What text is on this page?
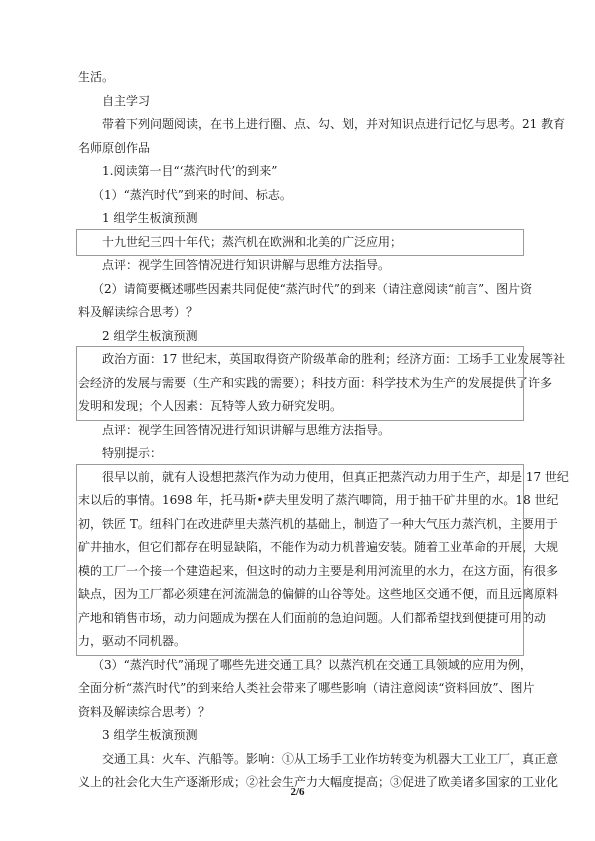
生活。

自主学习

带着下列问题阅读，在书上进行圈、点、勾、划，并对知识点进行记忆与思考。21 教育

名师原创作品

1.阅读第一目“‘蒸汽时代’的到来”

（1）“蒸汽时代”到来的时间、标志。

1 组学生板演预测

十九世纪三四十年代；蒸汽机在欧洲和北美的广泛应用；

点评：视学生回答情况进行知识讲解与思维方法指导。

（2）请简要概述哪些因素共同促使“蒸汽时代”的到来（请注意阅读“前言”、图片资

料及解读综合思考）？

2 组学生板演预测

政治方面：17 世纪末，英国取得资产阶级革命的胜利；经济方面：工场手工业发展等社

会经济的发展与需要（生产和实践的需要）；科技方面：科学技术为生产的发展提供了许多

发明和发现；个人因素：瓦特等人致力研究发明。

点评：视学生回答情况进行知识讲解与思维方法指导。

特别提示：

很早以前，就有人设想把蒸汽作为动力使用，但真正把蒸汽动力用于生产，却是 17 世纪

末以后的事情。1698 年，托马斯•萨夫里发明了蒸汽唧筒，用于抽干矿井里的水。18 世纪

初，铁匠 T。纽科门在改进萨里夫蒸汽机的基础上，制造了一种大气压力蒸汽机，主要用于

矿井抽水，但它们都存在明显缺陷，不能作为动力机普遍安装。随着工业革命的开展，大规

模的工厂一个接一个建造起来，但这时的动力主要是利用河流里的水力，在这方面，有很多

缺点，因为工厂都必须建在河流湍急的偏僻的山谷等处。这些地区交通不便，而且远离原料

产地和销售市场，动力问题成为摆在人们面前的急迫问题。人们都希望找到便捷可用的动

力，驱动不同机器。

（3）“蒸汽时代”涌现了哪些先进交通工具？以蒸汽机在交通工具领域的应用为例，

全面分析“蒸汽时代”的到来给人类社会带来了哪些影响（请注意阅读“资料回放”、图片

资料及解读综合思考）？

3 组学生板演预测

交通工具：火车、汽船等。影响：①从工场手工业作坊转变为机器大工业工厂，真正意

义上的社会化大生产逐渐形成；②社会生产力大幅度提高；③促进了欧美诸多国家的工业化

2/6
